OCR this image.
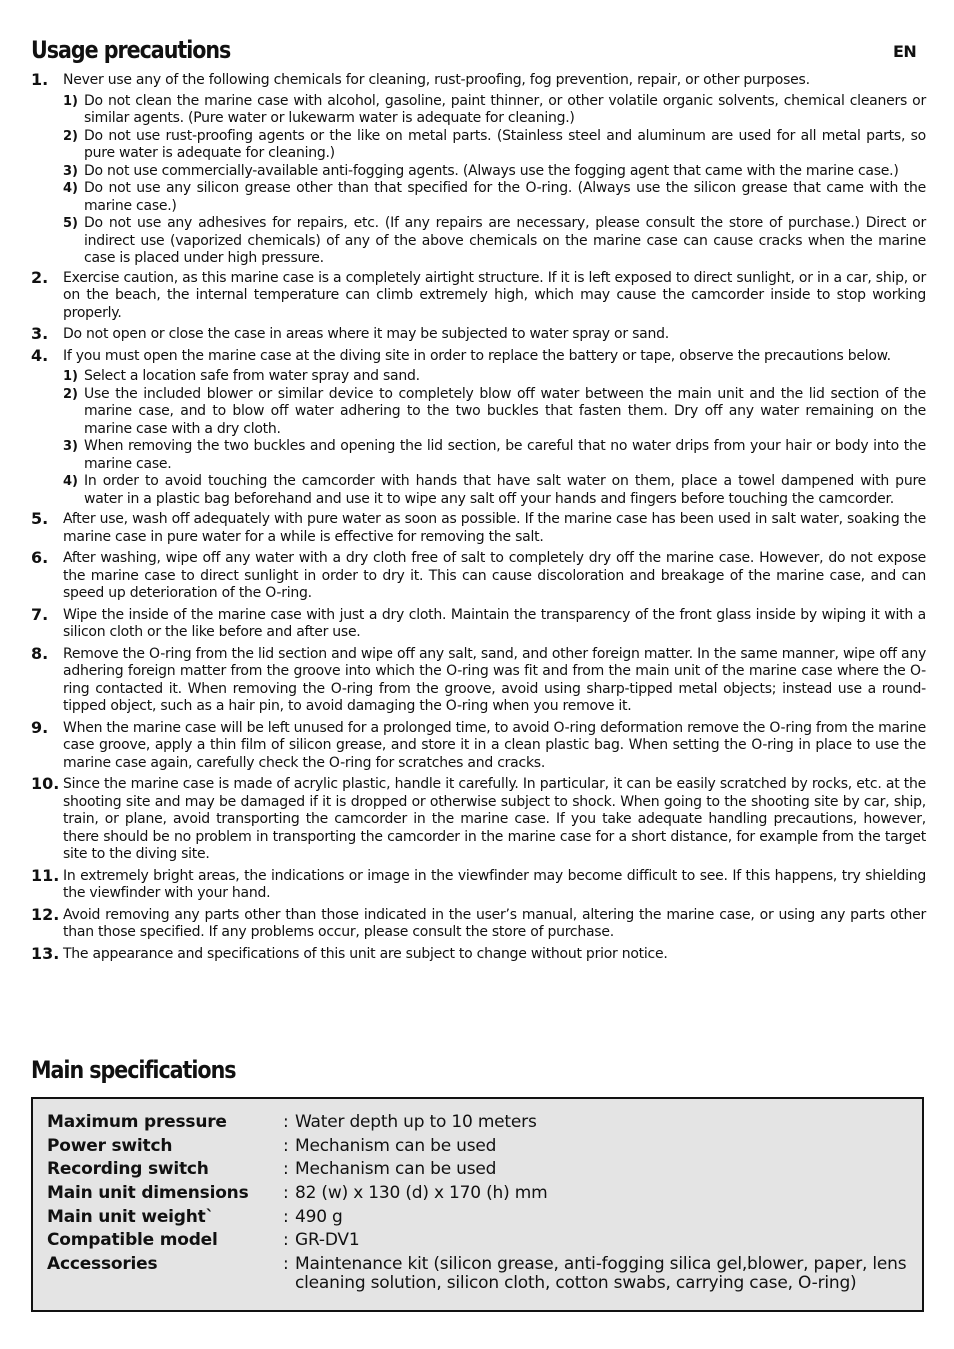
Usage precautions	EN
1. Never use any of the following chemicals for cleaning, rust-proofing, fog prevention, repair, or other purposes.
1) Do not clean the marine case with alcohol, gasoline, paint thinner, or other volatile organic solvents, chemical cleaners or similar agents. (Pure water or lukewarm water is adequate for cleaning.)
2) Do not use rust-proofing agents or the like on metal parts. (Stainless steel and aluminum are used for all metal parts, so pure water is adequate for cleaning.)
3) Do not use commercially-available anti-fogging agents. (Always use the fogging agent that came with the marine case.)
4) Do not use any silicon grease other than that specified for the O-ring. (Always use the silicon grease that came with the marine case.)
5) Do not use any adhesives for repairs, etc. (If any repairs are necessary, please consult the store of purchase.) Direct or indirect use (vaporized chemicals) of any of the above chemicals on the marine case can cause cracks when the marine case is placed under high pressure.
2. Exercise caution, as this marine case is a completely airtight structure. If it is left exposed to direct sunlight, or in a car, ship, or on the beach, the internal temperature can climb extremely high, which may cause the camcorder inside to stop working properly.
3. Do not open or close the case in areas where it may be subjected to water spray or sand.
4. If you must open the marine case at the diving site in order to replace the battery or tape, observe the precautions below.
1) Select a location safe from water spray and sand.
2) Use the included blower or similar device to completely blow off water between the main unit and the lid section of the marine case, and to blow off water adhering to the two buckles that fasten them. Dry off any water remaining on the marine case with a dry cloth.
3) When removing the two buckles and opening the lid section, be careful that no water drips from your hair or body into the marine case.
4) In order to avoid touching the camcorder with hands that have salt water on them, place a towel dampened with pure water in a plastic bag beforehand and use it to wipe any salt off your hands and fingers before touching the camcorder.
5. After use, wash off adequately with pure water as soon as possible. If the marine case has been used in salt water, soaking the marine case in pure water for a while is effective for removing the salt.
6. After washing, wipe off any water with a dry cloth free of salt to completely dry off the marine case. However, do not expose the marine case to direct sunlight in order to dry it. This can cause discoloration and breakage of the marine case, and can speed up deterioration of the O-ring.
7. Wipe the inside of the marine case with just a dry cloth. Maintain the transparency of the front glass inside by wiping it with a silicon cloth or the like before and after use.
8. Remove the O-ring from the lid section and wipe off any salt, sand, and other foreign matter. In the same manner, wipe off any adhering foreign matter from the groove into which the O-ring was fit and from the main unit of the marine case where the O-ring contacted it. When removing the O-ring from the groove, avoid using sharp-tipped metal objects; instead use a round-tipped object, such as a hair pin, to avoid damaging the O-ring when you remove it.
9. When the marine case will be left unused for a prolonged time, to avoid O-ring deformation remove the O-ring from the marine case groove, apply a thin film of silicon grease, and store it in a clean plastic bag. When setting the O-ring in place to use the marine case again, carefully check the O-ring for scratches and cracks.
10. Since the marine case is made of acrylic plastic, handle it carefully. In particular, it can be easily scratched by rocks, etc. at the shooting site and may be damaged if it is dropped or otherwise subject to shock. When going to the shooting site by car, ship, train, or plane, avoid transporting the camcorder in the marine case. If you take adequate handling precautions, however, there should be no problem in transporting the camcorder in the marine case for a short distance, for example from the target site to the diving site.
11. In extremely bright areas, the indications or image in the viewfinder may become difficult to see. If this happens, try shielding the viewfinder with your hand.
12. Avoid removing any parts other than those indicated in the user’s manual, altering the marine case, or using any parts other than those specified. If any problems occur, please consult the store of purchase.
13. The appearance and specifications of this unit are subject to change without prior notice.
Main specifications
Maximum pressure	: Water depth up to 10 meters

Power switch	: Mechanism can be used

Recording switch	: Mechanism can be used

Main unit dimensions	: 82 (w) x 130 (d) x 170 (h) mm

Main unit weight`	: 490 g

Compatible model	: GR-DV1

Accessories	: Maintenance kit (silicon grease, anti-fogging silica gel,blower, paper, lens cleaning solution, silicon cloth, cotton swabs, carrying case, O-ring)
